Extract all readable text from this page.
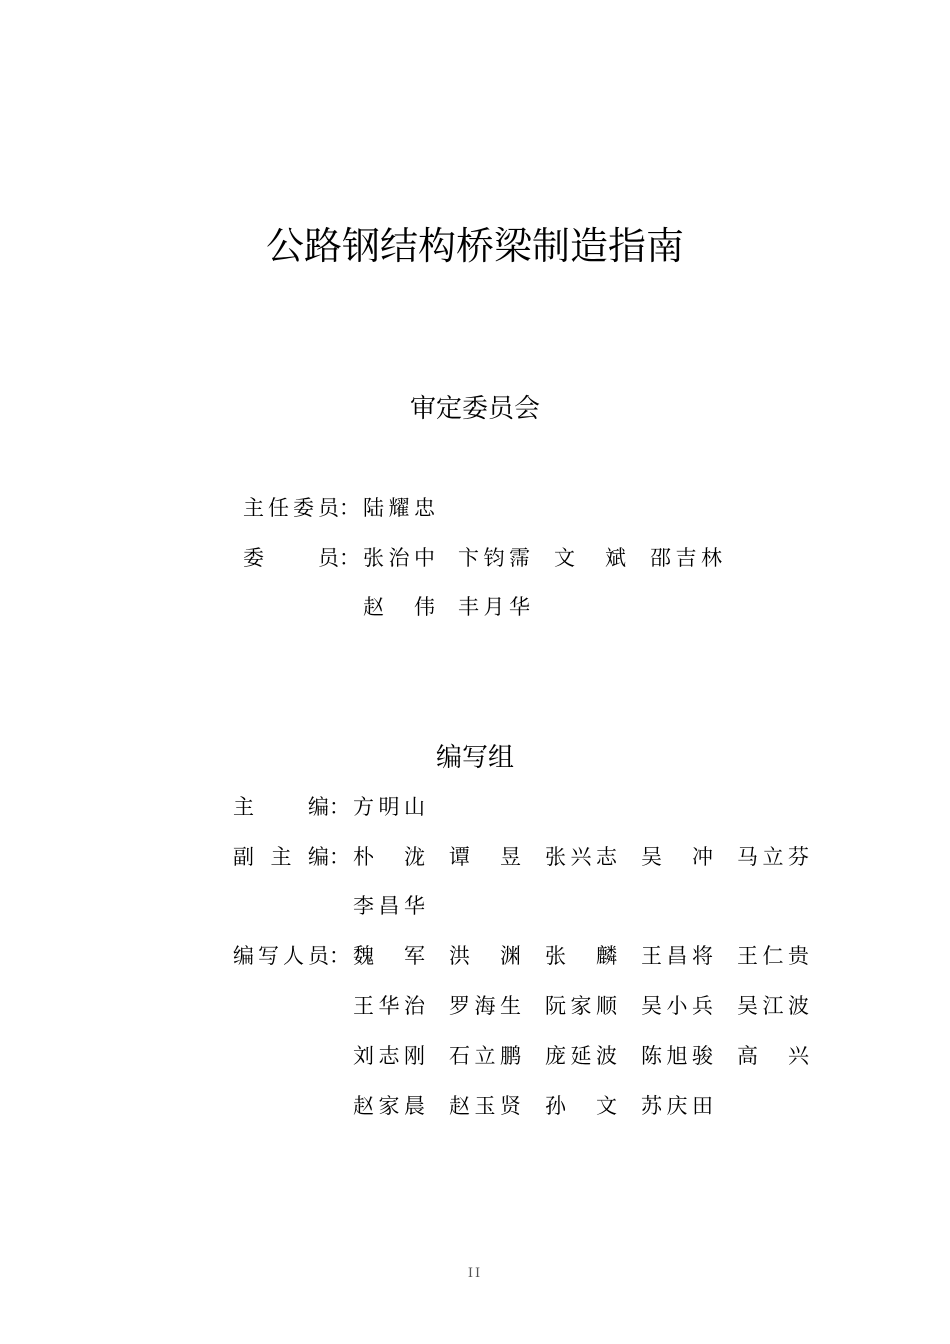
公路钢结构桥梁制造指南
审定委员会
主 任 委 员 ： 陆 耀 忠
委	员 ： 张 治 中 卞 钧 霈 文 斌 邵 吉 林
赵 伟 丰 月 华
编写组
主	编 ： 方 明 山
副 主 编 ： 朴 泷 谭 昱 张 兴 志 吴 冲 马 立 芬
李 昌 华
编 写 人 员 ： 魏 军 洪 渊 张 麟 王 昌 将 王 仁 贵
王 华 治 罗 海 生 阮 家 顺 吴 小 兵 吴 江 波
刘 志 刚 石 立 鹏 庞 延 波 陈 旭 骏 高 兴
赵 家 晨 赵 玉 贤 孙 文 苏 庆 田
II
